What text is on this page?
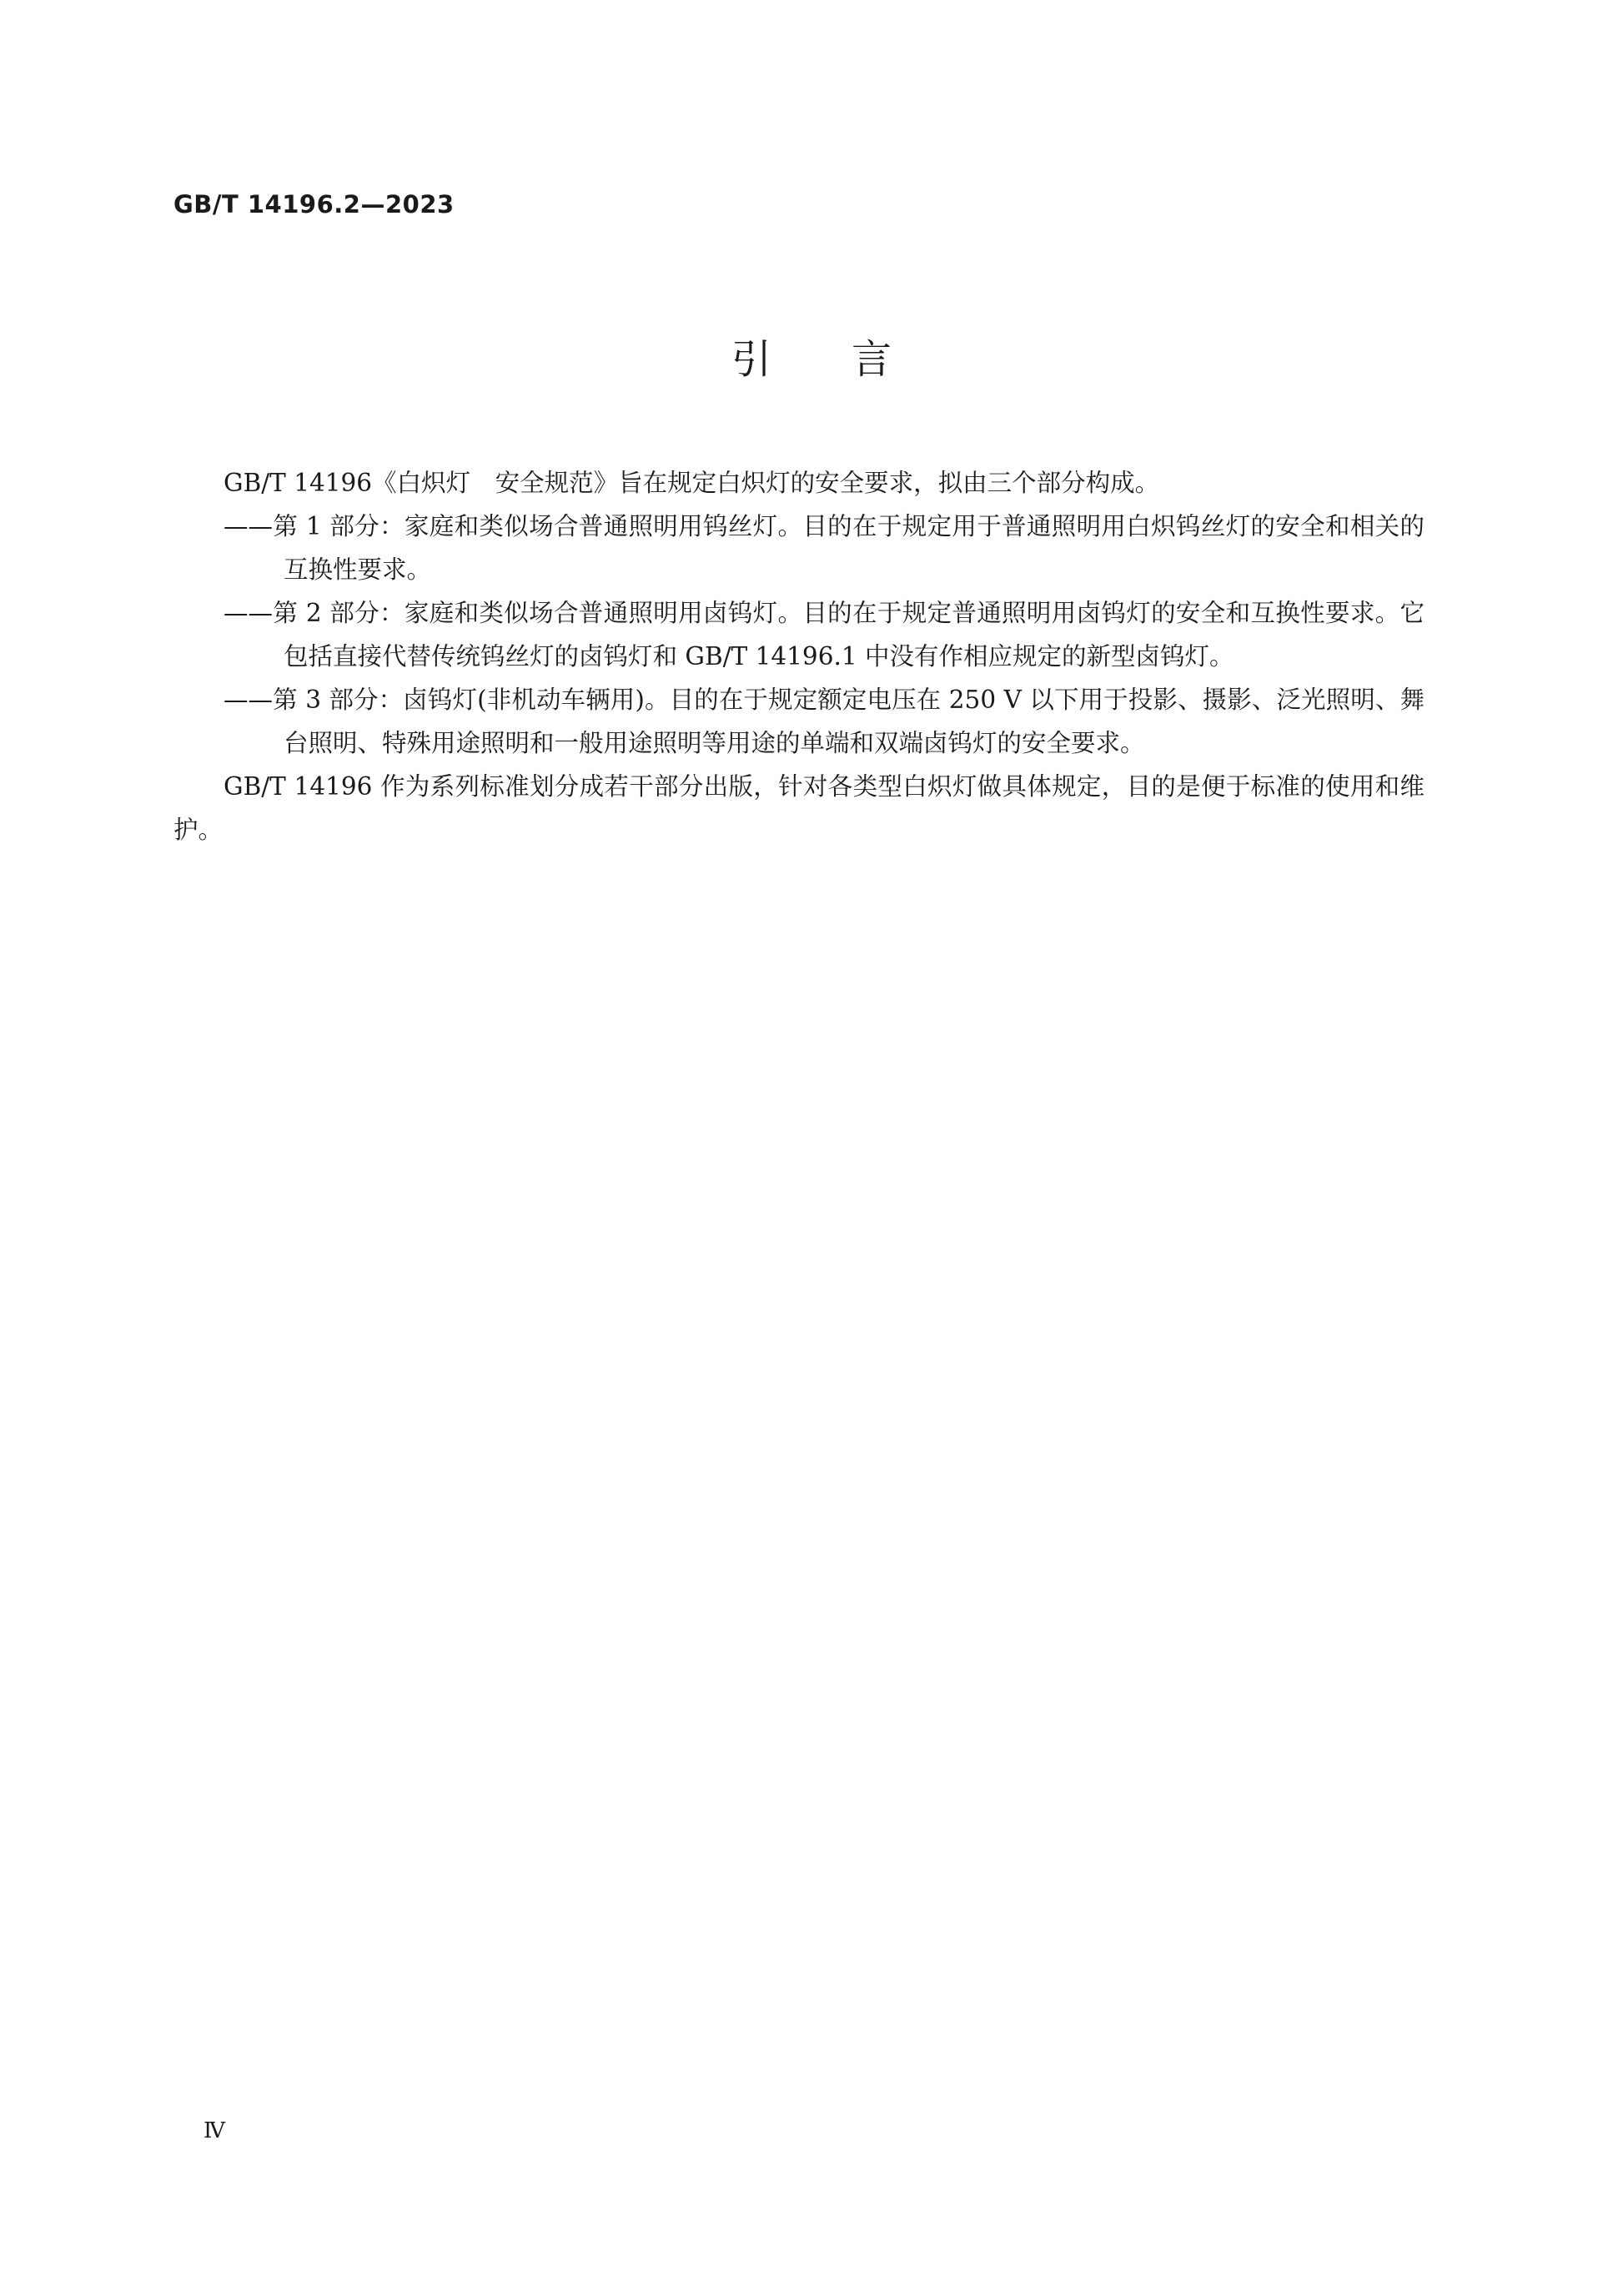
GB/T 14196.2—2023
引言

GB/T 14196《白炽灯　安全规范》旨在规定白炽灯的安全要求，拟由三个部分构成。

——第 1 部分：家庭和类似场合普通照明用钨丝灯。目的在于规定用于普通照明用白炽钨丝灯的安全和相关的互换性要求。

——第 2 部分：家庭和类似场合普通照明用卤钨灯。目的在于规定普通照明用卤钨灯的安全和互换性要求。它包括直接代替传统钨丝灯的卤钨灯和 GB/T 14196.1 中没有作相应规定的新型卤钨灯。

——第 3 部分：卤钨灯(非机动车辆用)。目的在于规定额定电压在 250 V 以下用于投影、摄影、泛光照明、舞台照明、特殊用途照明和一般用途照明等用途的单端和双端卤钨灯的安全要求。

GB/T 14196 作为系列标准划分成若干部分出版，针对各类型白炽灯做具体规定，目的是便于标准的使用和维护。

Ⅳ
